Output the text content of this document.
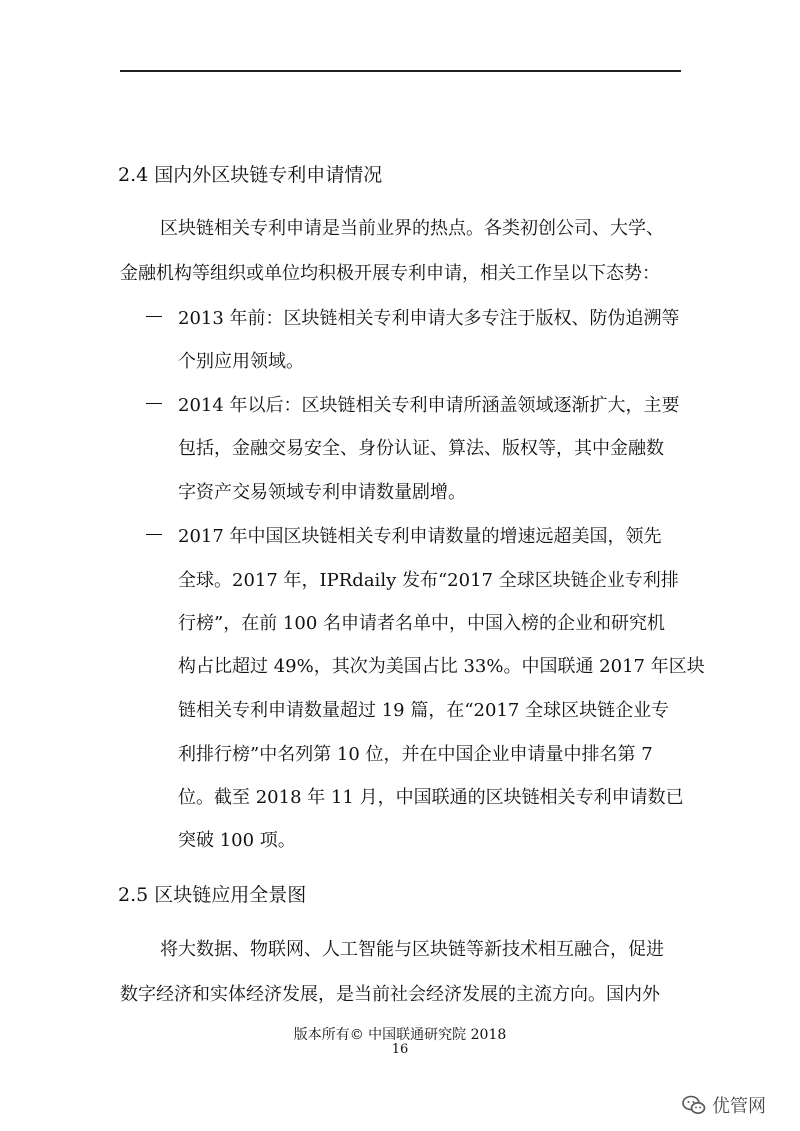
2.4 国内外区块链专利申请情况

区块链相关专利申请是当前业界的热点。各类初创公司、大学、

金融机构等组织或单位均积极开展专利申请，相关工作呈以下态势：

2013 年前：区块链相关专利申请大多专注于版权、防伪追溯等

个别应用领域。

2014 年以后：区块链相关专利申请所涵盖领域逐渐扩大，主要

包括，金融交易安全、身份认证、算法、版权等，其中金融数

字资产交易领域专利申请数量剧增。

2017 年中国区块链相关专利申请数量的增速远超美国，领先

全球。2017 年，IPRdaily 发布“2017 全球区块链企业专利排

行榜”，在前 100 名申请者名单中，中国入榜的企业和研究机

构占比超过 49%，其次为美国占比 33%。中国联通 2017 年区块

链相关专利申请数量超过 19 篇，在“2017 全球区块链企业专

利排行榜”中名列第 10 位，并在中国企业申请量中排名第 7

位。截至 2018 年 11 月，中国联通的区块链相关专利申请数已

突破 100 项。

2.5 区块链应用全景图

将大数据、物联网、人工智能与区块链等新技术相互融合，促进

数字经济和实体经济发展，是当前社会经济发展的主流方向。国内外

版本所有© 中国联通研究院 2018

16

优管网
